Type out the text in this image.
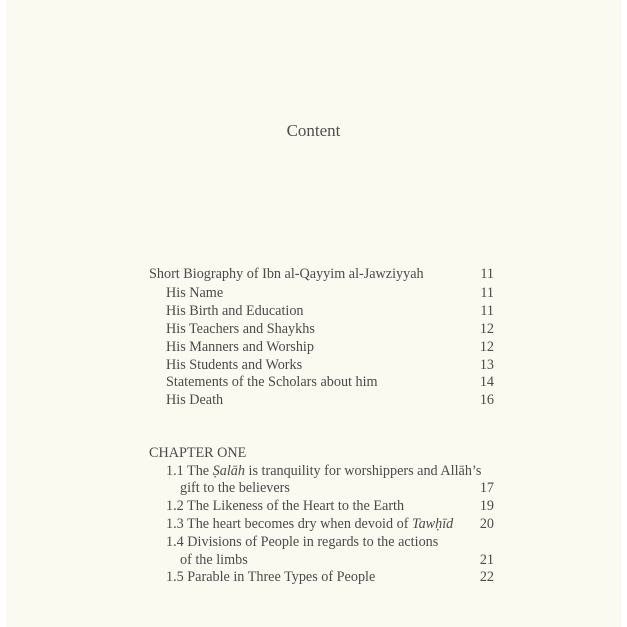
Content
Short Biography of Ibn al-Qayyim al-Jawziyyah	11
His Name	11
His Birth and Education	11
His Teachers and Shaykhs	12
His Manners and Worship	12
His Students and Works	13
Statements of the Scholars about him	14
His Death	16
CHAPTER ONE
1.1 The Ṣalāh is tranquility for worshippers and Allāh’s
gift to the believers	17
1.2 The Likeness of the Heart to the Earth	19
1.3 The heart becomes dry when devoid of Tawḥīd 20
1.4 Divisions of People in regards to the actions
of the limbs	21
1.5 Parable in Three Types of People	22
